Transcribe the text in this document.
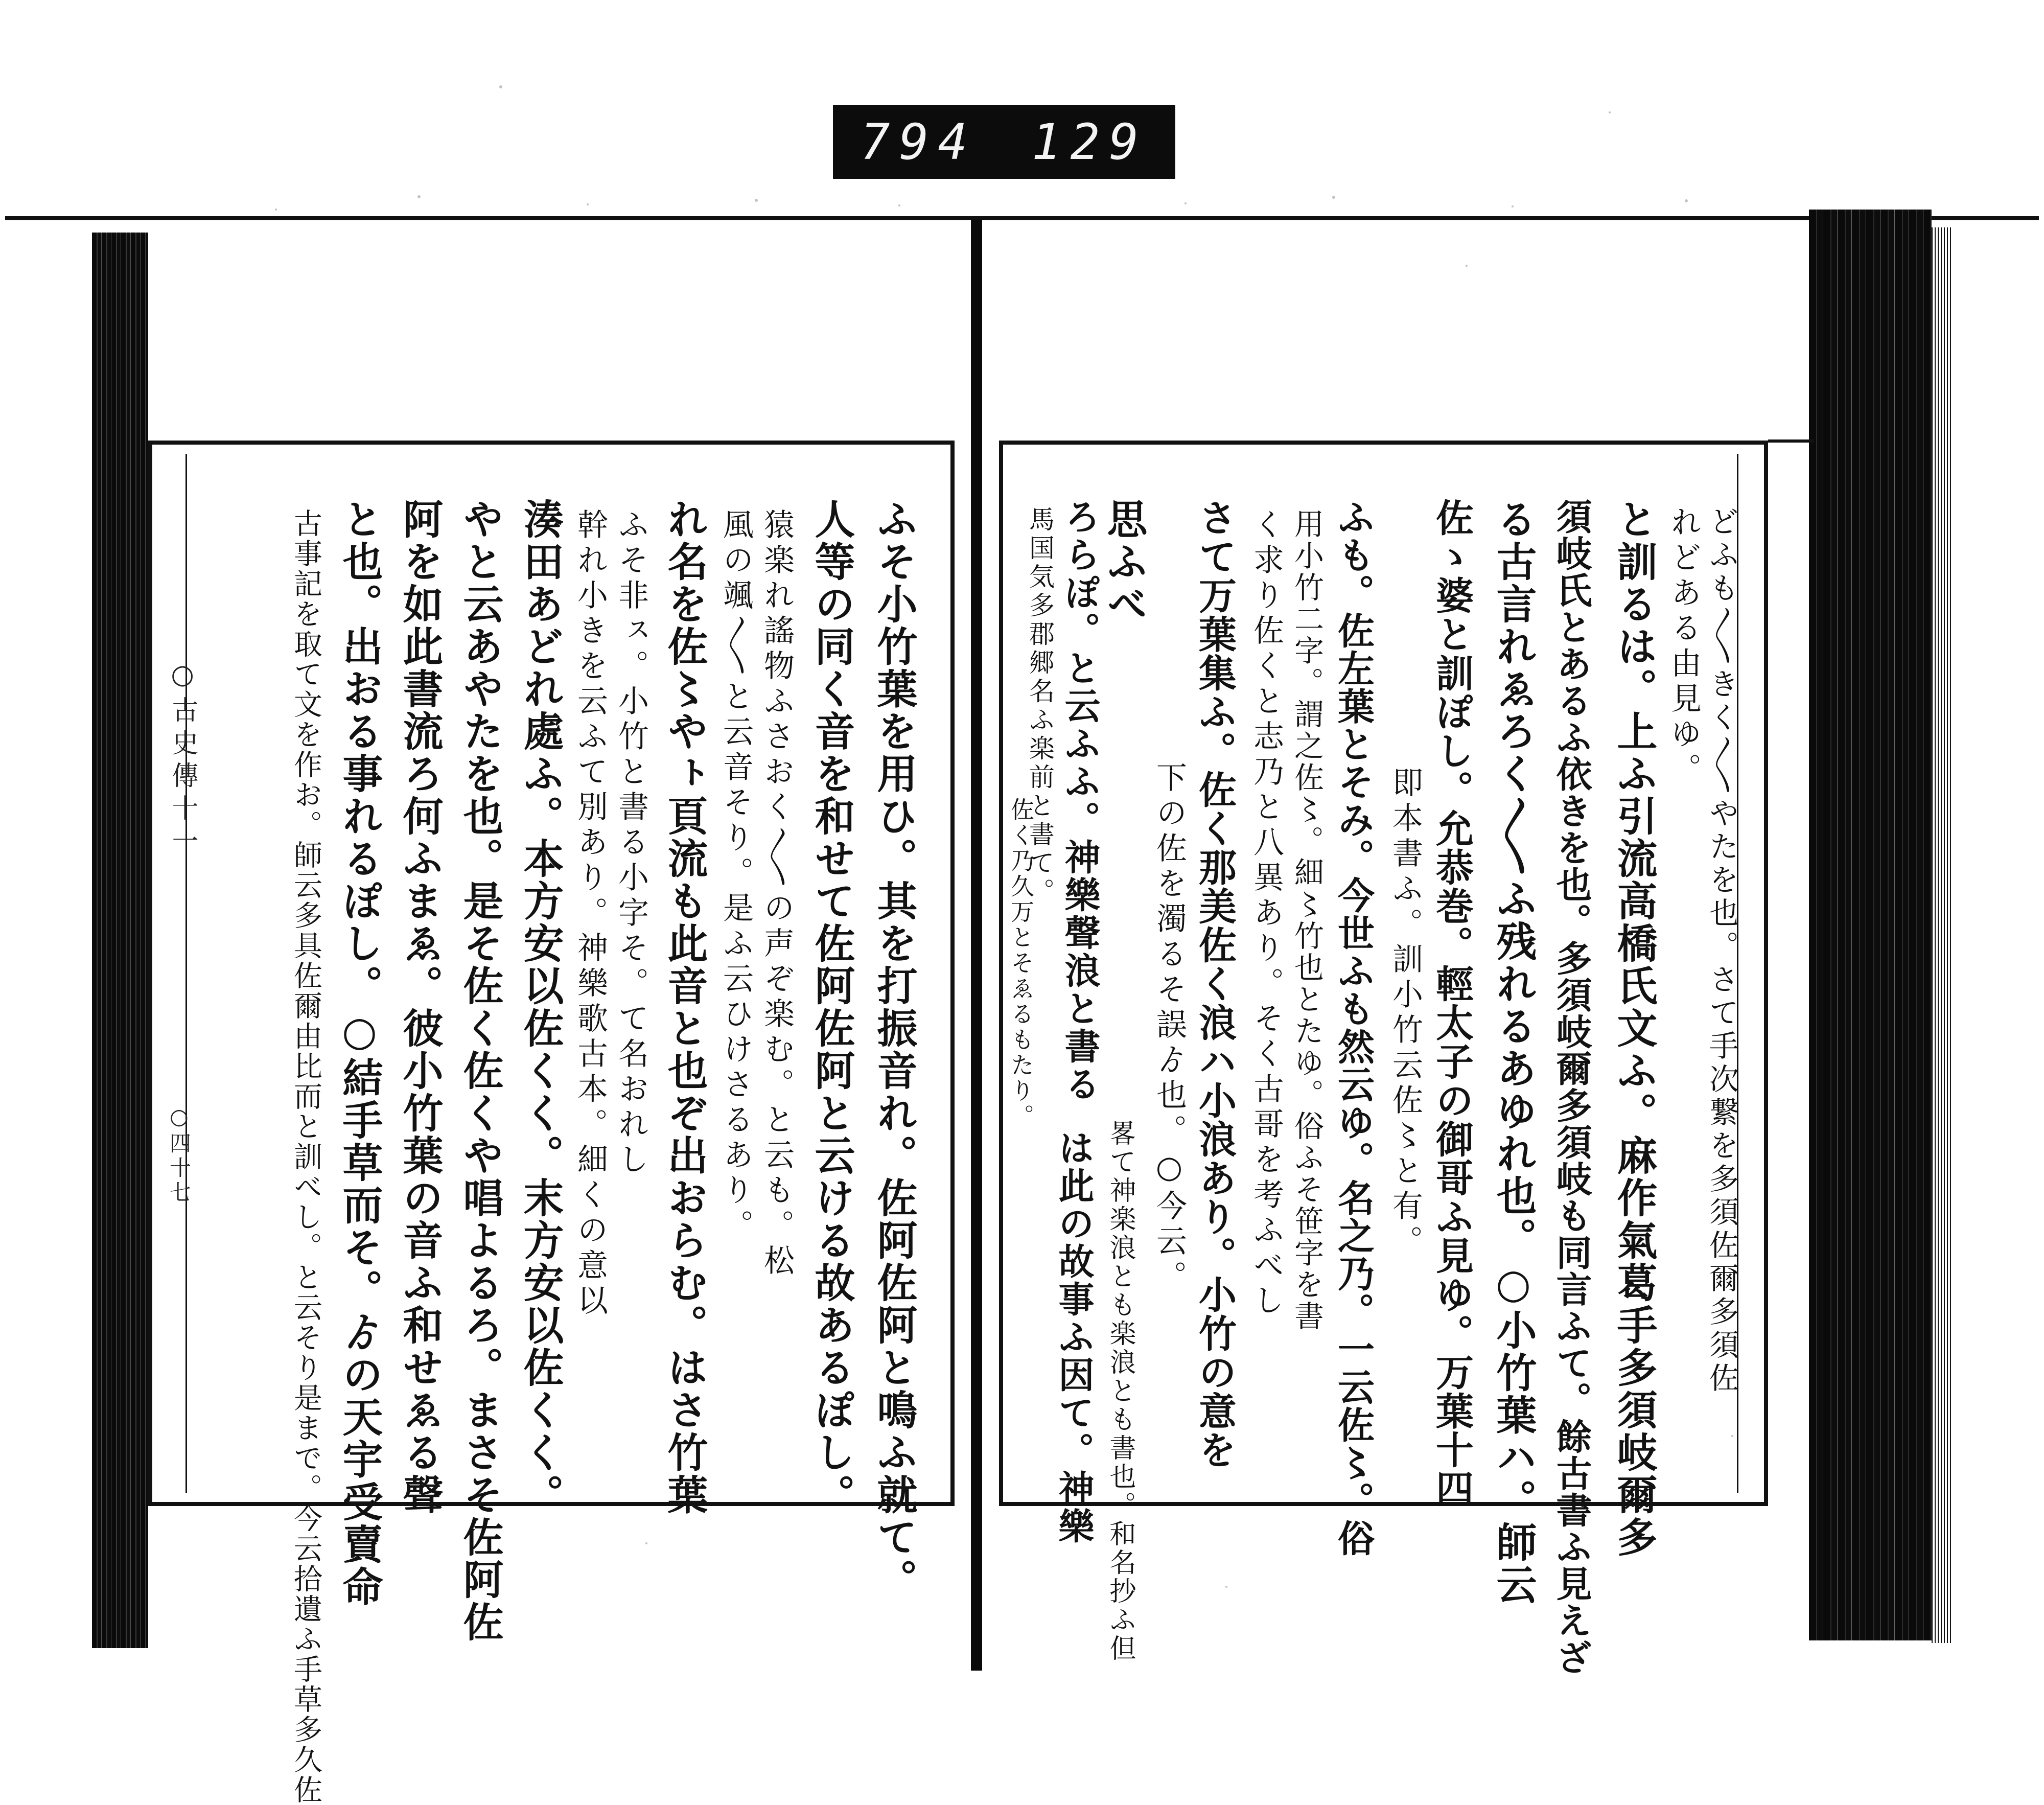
794 129
○古史傳十一
○四十七	ふそ小竹葉を用ひ。其を打振音れ。佐阿佐阿と鳴ふ就て。
人等の同く音を和せて佐阿佐阿と云ける故あるぽし。
猿楽れ謠物ふさおく〳〵の声ぞ楽む。と云も。松
風の颯〳〵と云音そり。是ふ云ひけさるあり。
れ名を佐〻やㇳ頁流も此音と也ぞ出おらむ。はさ竹葉
ふそ非ㇲ。小竹と書る小字そ。て名おれし
幹れ小きを云ふて別あり。神樂歌古本。細くの意以
湊田あどれ處ふ。本方安以佐くく。末方安以佐くく。
やと云あやたを也。是そ佐く佐くや唱よるろ。まさそ佐阿佐
阿を如此書流ろ何ふまゑ。彼小竹葉の音ふ和せゑる聲
と也。出おる事れるぽし。○結手草而そ。ゟの天宇受賣命
古事記を取て文を作お。師云多具佐爾由比而と訓べし。と云そり是まで。今云拾遺ふ手草多久佐	どふも〳〵きく〳〵やたを也。さて手次繋を多須佐爾多須佐
れどある由見ゆ。
と訓るは。上ふ引流高橋氏文ふ。麻作氣葛手多須岐爾多
須岐氏とあるふ依きを也。多須岐爾多須岐も同言ふて。餘古書ふ見えざ
る古言れゑろく〳〵ふ残れるあゆれ也。○小竹葉ハ。師云
佐ゝ婆と訓ぽし。允恭巻。輕太子の御哥ふ見ゆ。万葉十四
即本書ふ。訓小竹云佐〻と有。
ふも。佐左葉とそみ。今世ふも然云ゆ。名之乃。一云佐〻。俗
用小竹二字。謂之佐〻。細〻竹也とたゆ。俗ふそ笹字を書
く求り佐くと志乃と八異あり。そく古哥を考ふべし
さて万葉集ふ。佐く那美佐く浪ハ小浪あり。小竹の意を
下の佐を濁るそ誤ゟ也。○今云。
思ふべ
ろらぽ。と云ふふ。神樂聲浪と書る
畧て神楽浪とも楽浪とも書也。和名抄ふ但
馬国気多郡郷名ふ楽前と書て。
は此の故事ふ因て。神樂
佐く乃久万とそゑるもたり。
